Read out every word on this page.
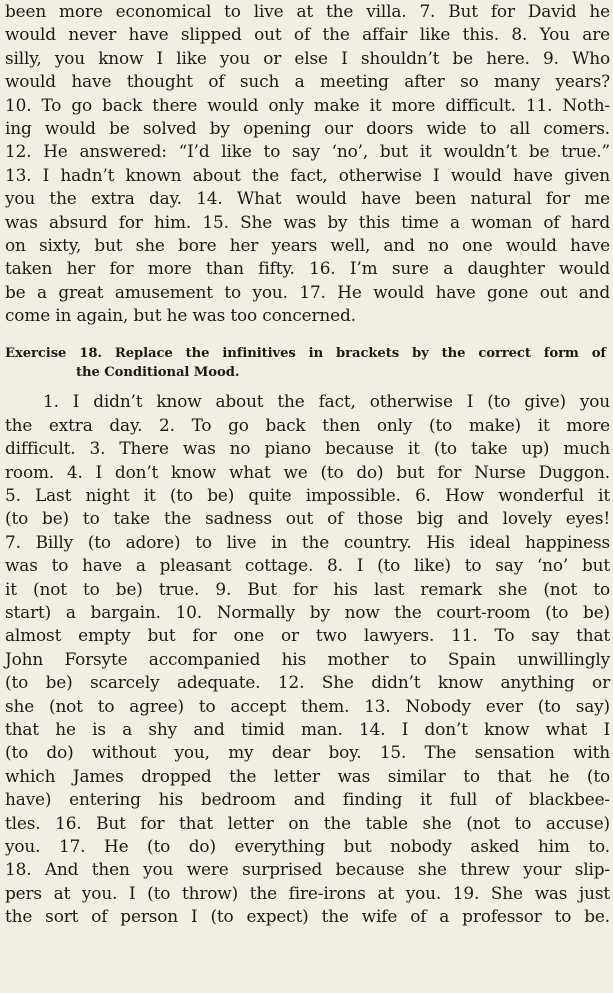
been more economical to live at the villa. 7. But for David he
would never have slipped out of the affair like this. 8. You are
silly, you know I like you or else I shouldn’t be here. 9. Who
would have thought of such a meeting after so many years?
10. To go back there would only make it more difficult. 11. Noth-
ing would be solved by opening our doors wide to all comers.
12. He answered: “I’d like to say ‘no’, but it wouldn’t be true.”
13. I hadn’t known about the fact, otherwise I would have given
you the extra day. 14. What would have been natural for me
was absurd for him. 15. She was by this time a woman of hard
on sixty, but she bore her years well, and no one would have
taken her for more than fifty. 16. I’m sure a daughter would
be a great amusement to you. 17. He would have gone out and
come in again, but he was too concerned.
Exercise 18. Replace the infinitives in brackets by the correct form of
the Conditional Mood.
1. I didn’t know about the fact, otherwise I (to give) you
the extra day. 2. To go back then only (to make) it more
difficult. 3. There was no piano because it (to take up) much
room. 4. I don’t know what we (to do) but for Nurse Duggon.
5. Last night it (to be) quite impossible. 6. How wonderful it
(to be) to take the sadness out of those big and lovely eyes!
7. Billy (to adore) to live in the country. His ideal happiness
was to have a pleasant cottage. 8. I (to like) to say ‘no’ but
it (not to be) true. 9. But for his last remark she (not to
start) a bargain. 10. Normally by now the court-room (to be)
almost empty but for one or two lawyers. 11. To say that
John Forsyte accompanied his mother to Spain unwillingly
(to be) scarcely adequate. 12. She didn’t know anything or
she (not to agree) to accept them. 13. Nobody ever (to say)
that he is a shy and timid man. 14. I don’t know what I
(to do) without you, my dear boy. 15. The sensation with
which James dropped the letter was similar to that he (to
have) entering his bedroom and finding it full of blackbee-
tles. 16. But for that letter on the table she (not to accuse)
you. 17. He (to do) everything but nobody asked him to.
18. And then you were surprised because she threw your slip-
pers at you. I (to throw) the fire-irons at you. 19. She was just
the sort of person I (to expect) the wife of a professor to be.
